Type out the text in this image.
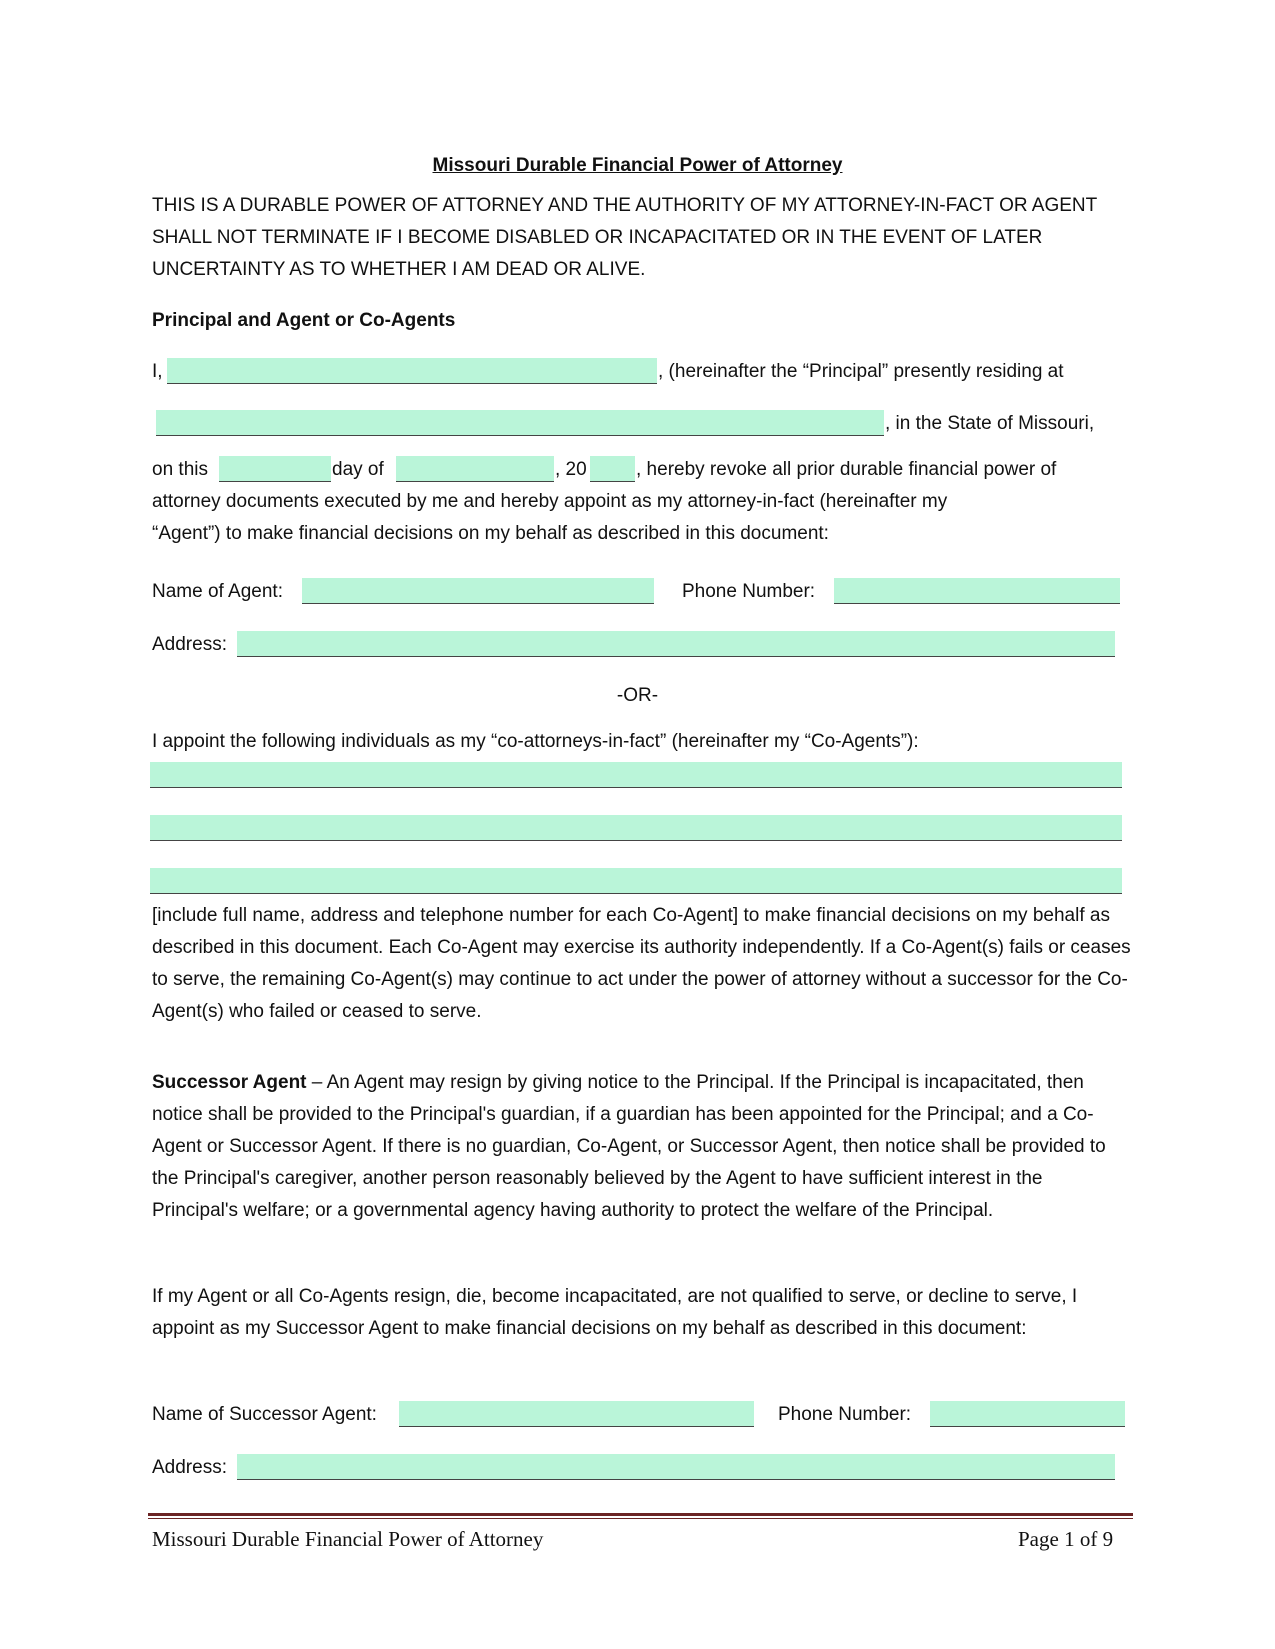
Missouri Durable Financial Power of Attorney
THIS IS A DURABLE POWER OF ATTORNEY AND THE AUTHORITY OF MY ATTORNEY-IN-FACT OR AGENT SHALL NOT TERMINATE IF I BECOME DISABLED OR INCAPACITATED OR IN THE EVENT OF LATER UNCERTAINTY AS TO WHETHER I AM DEAD OR ALIVE.
Principal and Agent or Co-Agents
I,	, (hereinafter the “Principal” presently residing at
, in the State of Missouri,
on this	day of	, 20	, hereby revoke all prior durable financial power of
attorney documents executed by me and hereby appoint as my attorney-in-fact (hereinafter my
“Agent”) to make financial decisions on my behalf as described in this document:
Name of Agent:	Phone Number:
Address:
-OR-
I appoint the following individuals as my “co-attorneys-in-fact” (hereinafter my “Co-Agents”):
[include full name, address and telephone number for each Co-Agent] to make financial decisions on my behalf as described in this document. Each Co-Agent may exercise its authority independently. If a Co-Agent(s) fails or ceases to serve, the remaining Co-Agent(s) may continue to act under the power of attorney without a successor for the Co-Agent(s) who failed or ceased to serve.
Successor Agent – An Agent may resign by giving notice to the Principal. If the Principal is incapacitated, then notice shall be provided to the Principal's guardian, if a guardian has been appointed for the Principal; and a Co-Agent or Successor Agent. If there is no guardian, Co-Agent, or Successor Agent, then notice shall be provided to the Principal's caregiver, another person reasonably believed by the Agent to have sufficient interest in the Principal's welfare; or a governmental agency having authority to protect the welfare of the Principal.
If my Agent or all Co-Agents resign, die, become incapacitated, are not qualified to serve, or decline to serve, I appoint as my Successor Agent to make financial decisions on my behalf as described in this document:
Name of Successor Agent:	Phone Number:
Address:
Missouri Durable Financial Power of Attorney	Page 1 of 9
